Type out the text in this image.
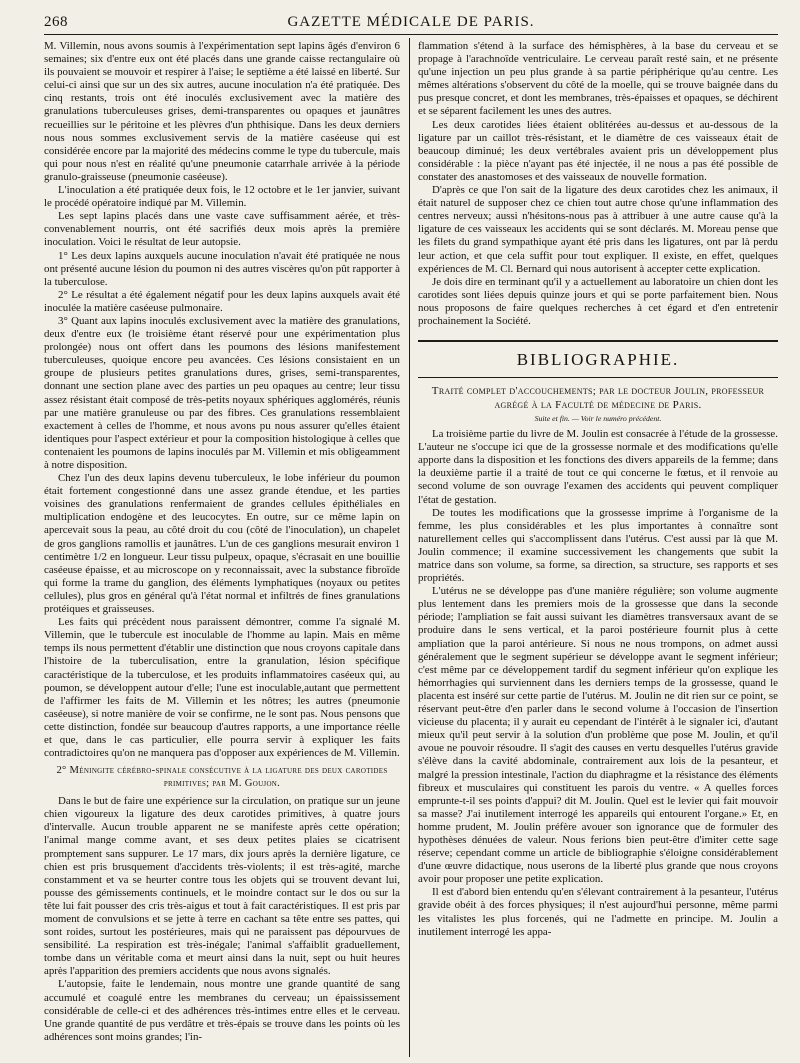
268	GAZETTE MÉDICALE DE PARIS.

M. Villemin, nous avons soumis à l'expérimentation sept lapins âgés d'environ 6 semaines; six d'entre eux ont été placés dans une grande caisse rectangulaire où ils pouvaient se mouvoir et respirer à l'aise; le septième a été laissé en liberté. Sur celui-ci ainsi que sur un des six autres, aucune inoculation n'a été pratiquée. Des cinq restants, trois ont été inoculés exclusivement avec la matière des granulations tuberculeuses grises, demi-transparentes ou opaques et jaunâtres recueillies sur le péritoine et les plèvres d'un phthisique. Dans les deux derniers nous nous sommes exclusivement servis de la matière caséeuse qui est considérée encore par la majorité des médecins comme le type du tubercule, mais qui pour nous n'est en réalité qu'une pneumonie catarrhale arrivée à la période granulo-graisseuse (pneumonie caséeuse).

L'inoculation a été pratiquée deux fois, le 12 octobre et le 1er janvier, suivant le procédé opératoire indiqué par M. Villemin.

Les sept lapins placés dans une vaste cave suffisamment aérée, et très-convenablement nourris, ont été sacrifiés deux mois après la première inoculation. Voici le résultat de leur autopsie.

1° Les deux lapins auxquels aucune inoculation n'avait été pratiquée ne nous ont présenté aucune lésion du poumon ni des autres viscères qu'on pût rapporter à la tuberculose.

2° Le résultat a été également négatif pour les deux lapins auxquels avait été inoculée la matière caséeuse pulmonaire.

3° Quant aux lapins inoculés exclusivement avec la matière des granulations, deux d'entre eux (le troisième étant réservé pour une expérimentation plus prolongée) nous ont offert dans les poumons des lésions manifestement tuberculeuses, quoique encore peu avancées. Ces lésions consistaient en un groupe de plusieurs petites granulations dures, grises, semi-transparentes, donnant une section plane avec des parties un peu opaques au centre; leur tissu assez résistant était composé de très-petits noyaux sphériques agglomérés, réunis par une matière granuleuse ou par des fibres. Ces granulations ressemblaient exactement à celles de l'homme, et nous avons pu nous assurer qu'elles étaient identiques pour l'aspect extérieur et pour la composition histologique à celles que contenaient les poumons de lapins inoculés par M. Villemin et mis obligeamment à notre disposition.

Chez l'un des deux lapins devenu tuberculeux, le lobe inférieur du poumon était fortement congestionné dans une assez grande étendue, et les parties voisines des granulations renfermaient de grandes cellules épithéliales en multiplication endogène et des leucocytes. En outre, sur ce même lapin on apercevait sous la peau, au côté droit du cou (côté de l'inoculation), un chapelet de gros ganglions ramollis et jaunâtres. L'un de ces ganglions mesurait environ 1 centimètre 1/2 en longueur. Leur tissu pulpeux, opaque, s'écrasait en une bouillie caséeuse épaisse, et au microscope on y reconnaissait, avec la substance fibroïde qui forme la trame du ganglion, des éléments lymphatiques (noyaux ou petites cellules), plus gros en général qu'à l'état normal et infiltrés de fines granulations protéiques et graisseuses.

Les faits qui précèdent nous paraissent démontrer, comme l'a signalé M. Villemin, que le tubercule est inoculable de l'homme au lapin. Mais en même temps ils nous permettent d'établir une distinction que nous croyons capitale dans l'histoire de la tuberculisation, entre la granulation, lésion spécifique caractéristique de la tuberculose, et les produits inflammatoires caséeux qui, au poumon, se développent autour d'elle; l'une est inoculable,autant que permettent de l'affirmer les faits de M. Villemin et les nôtres; les autres (pneumonie caséeuse), si notre manière de voir se confirme, ne le sont pas. Nous pensons que cette distinction, fondée sur beaucoup d'autres rapports, a une importance réelle et que, dans le cas particulier, elle pourra servir à expliquer les faits contradictoires qu'on ne manquera pas d'opposer aux expériences de M. Villemin.

2° Méningite cérébro-spinale consécutive à la ligature des deux carotides primitives; par M. Goujon.

Dans le but de faire une expérience sur la circulation, on pratique sur un jeune chien vigoureux la ligature des deux carotides primitives, à quatre jours d'intervalle. Aucun trouble apparent ne se manifeste après cette opération; l'animal mange comme avant, et ses deux petites plaies se cicatrisent promptement sans suppurer. Le 17 mars, dix jours après la dernière ligature, ce chien est pris brusquement d'accidents très-violents; il est très-agité, marche constamment et va se heurter contre tous les objets qui se trouvent devant lui, pousse des gémissements continuels, et le moindre contact sur le dos ou sur la tête lui fait pousser des cris très-aigus et tout à fait caractéristiques. Il est pris par moment de convulsions et se jette à terre en cachant sa tête entre ses pattes, qui sont roides, surtout les postérieures, mais qui ne paraissent pas dépourvues de sensibilité. La respiration est très-inégale; l'animal s'affaiblit graduellement, tombe dans un véritable coma et meurt ainsi dans la nuit, sept ou huit heures après l'apparition des premiers accidents que nous avons signalés.

L'autopsie, faite le lendemain, nous montre une grande quantité de sang accumulé et coagulé entre les membranes du cerveau; un épaississement considérable de celle-ci et des adhérences très-intimes entre elles et le cerveau. Une grande quantité de pus verdâtre et très-épais se trouve dans les points où les adhérences sont moins grandes; l'in-

flammation s'étend à la surface des hémisphères, à la base du cerveau et se propage à l'arachnoïde ventriculaire. Le cerveau paraît resté sain, et ne présente qu'une injection un peu plus grande à sa partie périphérique qu'au centre. Les mêmes altérations s'observent du côté de la moelle, qui se trouve baignée dans du pus presque concret, et dont les membranes, très-épaisses et opaques, se déchirent et se séparent facilement les unes des autres.

Les deux carotides liées étaient oblitérées au-dessus et au-dessous de la ligature par un caillot très-résistant, et le diamètre de ces vaisseaux était de beaucoup diminué; les deux vertébrales avaient pris un développement plus considérable : la pièce n'ayant pas été injectée, il ne nous a pas été possible de constater des anastomoses et des vaisseaux de nouvelle formation.

D'après ce que l'on sait de la ligature des deux carotides chez les animaux, il était naturel de supposer chez ce chien tout autre chose qu'une inflammation des centres nerveux; aussi n'hésitons-nous pas à attribuer à une autre cause qu'à la ligature de ces vaisseaux les accidents qui se sont déclarés. M. Moreau pense que les filets du grand sympathique ayant été pris dans les ligatures, ont par là perdu leur action, et que cela suffit pour tout expliquer. Il existe, en effet, quelques expériences de M. Cl. Bernard qui nous autorisent à accepter cette explication.

Je dois dire en terminant qu'il y a actuellement au laboratoire un chien dont les carotides sont liées depuis quinze jours et qui se porte parfaitement bien. Nous nous proposons de faire quelques recherches à cet égard et d'en entretenir prochainement la Société.

BIBLIOGRAPHIE.
Traité complet d'accouchements; par le docteur Joulin, professeur agrégé à la Faculté de médecine de Paris.
Suite et fin. — Voir le numéro précédent.

La troisième partie du livre de M. Joulin est consacrée à l'étude de la grossesse. L'auteur ne s'occupe ici que de la grossesse normale et des modifications qu'elle apporte dans la disposition et les fonctions des divers appareils de la femme; dans la deuxième partie il a traité de tout ce qui concerne le fœtus, et il renvoie au second volume de son ouvrage l'examen des accidents qui peuvent compliquer l'état de gestation.

De toutes les modifications que la grossesse imprime à l'organisme de la femme, les plus considérables et les plus importantes à connaître sont naturellement celles qui s'accomplissent dans l'utérus. C'est aussi par là que M. Joulin commence; il examine successivement les changements que subit la matrice dans son volume, sa forme, sa direction, sa structure, ses rapports et ses propriétés.

L'utérus ne se développe pas d'une manière régulière; son volume augmente plus lentement dans les premiers mois de la grossesse que dans la seconde période; l'ampliation se fait aussi suivant les diamètres transversaux avant de se produire dans le sens vertical, et la paroi postérieure fournit plus à cette ampliation que la paroi antérieure. Si nous ne nous trompons, on admet aussi généralement que le segment supérieur se développe avant le segment inférieur; c'est même par ce développement tardif du segment inférieur qu'on explique les hémorrhagies qui surviennent dans les derniers temps de la grossesse, quand le placenta est inséré sur cette partie de l'utérus. M. Joulin ne dit rien sur ce point, se réservant peut-être d'en parler dans le second volume à l'occasion de l'insertion vicieuse du placenta; il y aurait eu cependant de l'intérêt à le signaler ici, d'autant mieux qu'il peut servir à la solution d'un problème que pose M. Joulin, et qu'il avoue ne pouvoir résoudre. Il s'agit des causes en vertu desquelles l'utérus gravide s'élève dans la cavité abdominale, contrairement aux lois de la pesanteur, et malgré la pression intestinale, l'action du diaphragme et la résistance des éléments fibreux et musculaires qui constituent les parois du ventre. « A quelles forces emprunte-t-il ses points d'appui? dit M. Joulin. Quel est le levier qui fait mouvoir sa masse? J'ai inutilement interrogé les appareils qui entourent l'organe.» Et, en homme prudent, M. Joulin préfère avouer son ignorance que de formuler des hypothèses dénuées de valeur. Nous ferions bien peut-être d'imiter cette sage réserve; cependant comme un article de bibliographie s'éloigne considérablement d'une œuvre didactique, nous userons de la liberté plus grande que nous croyons avoir pour proposer une petite explication.

Il est d'abord bien entendu qu'en s'élevant contrairement à la pesanteur, l'utérus gravide obéit à des forces physiques; il n'est aujourd'hui personne, même parmi les vitalistes les plus forcenés, qui ne l'admette en principe. M. Joulin a inutilement interrogé les appa-
